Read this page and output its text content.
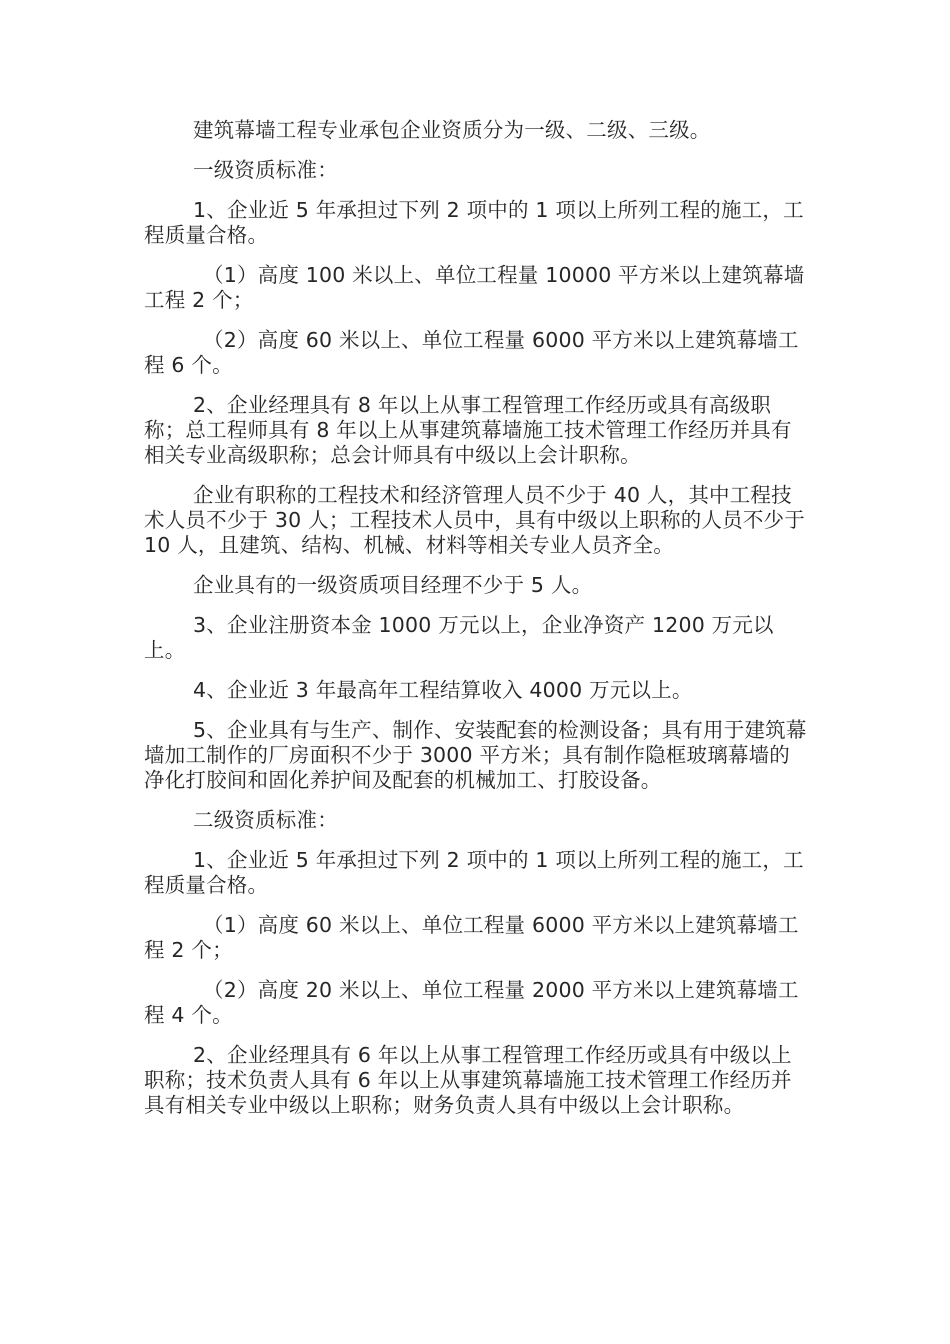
建筑幕墙工程专业承包企业资质分为一级、二级、三级。

一级资质标准：

1、企业近 5 年承担过下列 2 项中的 1 项以上所列工程的施工，工程质量合格。

（1）高度 100 米以上、单位工程量 10000 平方米以上建筑幕墙工程 2 个；

（2）高度 60 米以上、单位工程量 6000 平方米以上建筑幕墙工程 6 个。

2、企业经理具有 8 年以上从事工程管理工作经历或具有高级职称；总工程师具有 8 年以上从事建筑幕墙施工技术管理工作经历并具有相关专业高级职称；总会计师具有中级以上会计职称。

企业有职称的工程技术和经济管理人员不少于 40 人，其中工程技术人员不少于 30 人；工程技术人员中，具有中级以上职称的人员不少于 10 人，且建筑、结构、机械、材料等相关专业人员齐全。

企业具有的一级资质项目经理不少于 5 人。

3、企业注册资本金 1000 万元以上，企业净资产 1200 万元以上。

4、企业近 3 年最高年工程结算收入 4000 万元以上。

5、企业具有与生产、制作、安装配套的检测设备；具有用于建筑幕墙加工制作的厂房面积不少于 3000 平方米；具有制作隐框玻璃幕墙的净化打胶间和固化养护间及配套的机械加工、打胶设备。

二级资质标准：

1、企业近 5 年承担过下列 2 项中的 1 项以上所列工程的施工，工程质量合格。

（1）高度 60 米以上、单位工程量 6000 平方米以上建筑幕墙工程 2 个；

（2）高度 20 米以上、单位工程量 2000 平方米以上建筑幕墙工程 4 个。

2、企业经理具有 6 年以上从事工程管理工作经历或具有中级以上职称；技术负责人具有 6 年以上从事建筑幕墙施工技术管理工作经历并具有相关专业中级以上职称；财务负责人具有中级以上会计职称。
